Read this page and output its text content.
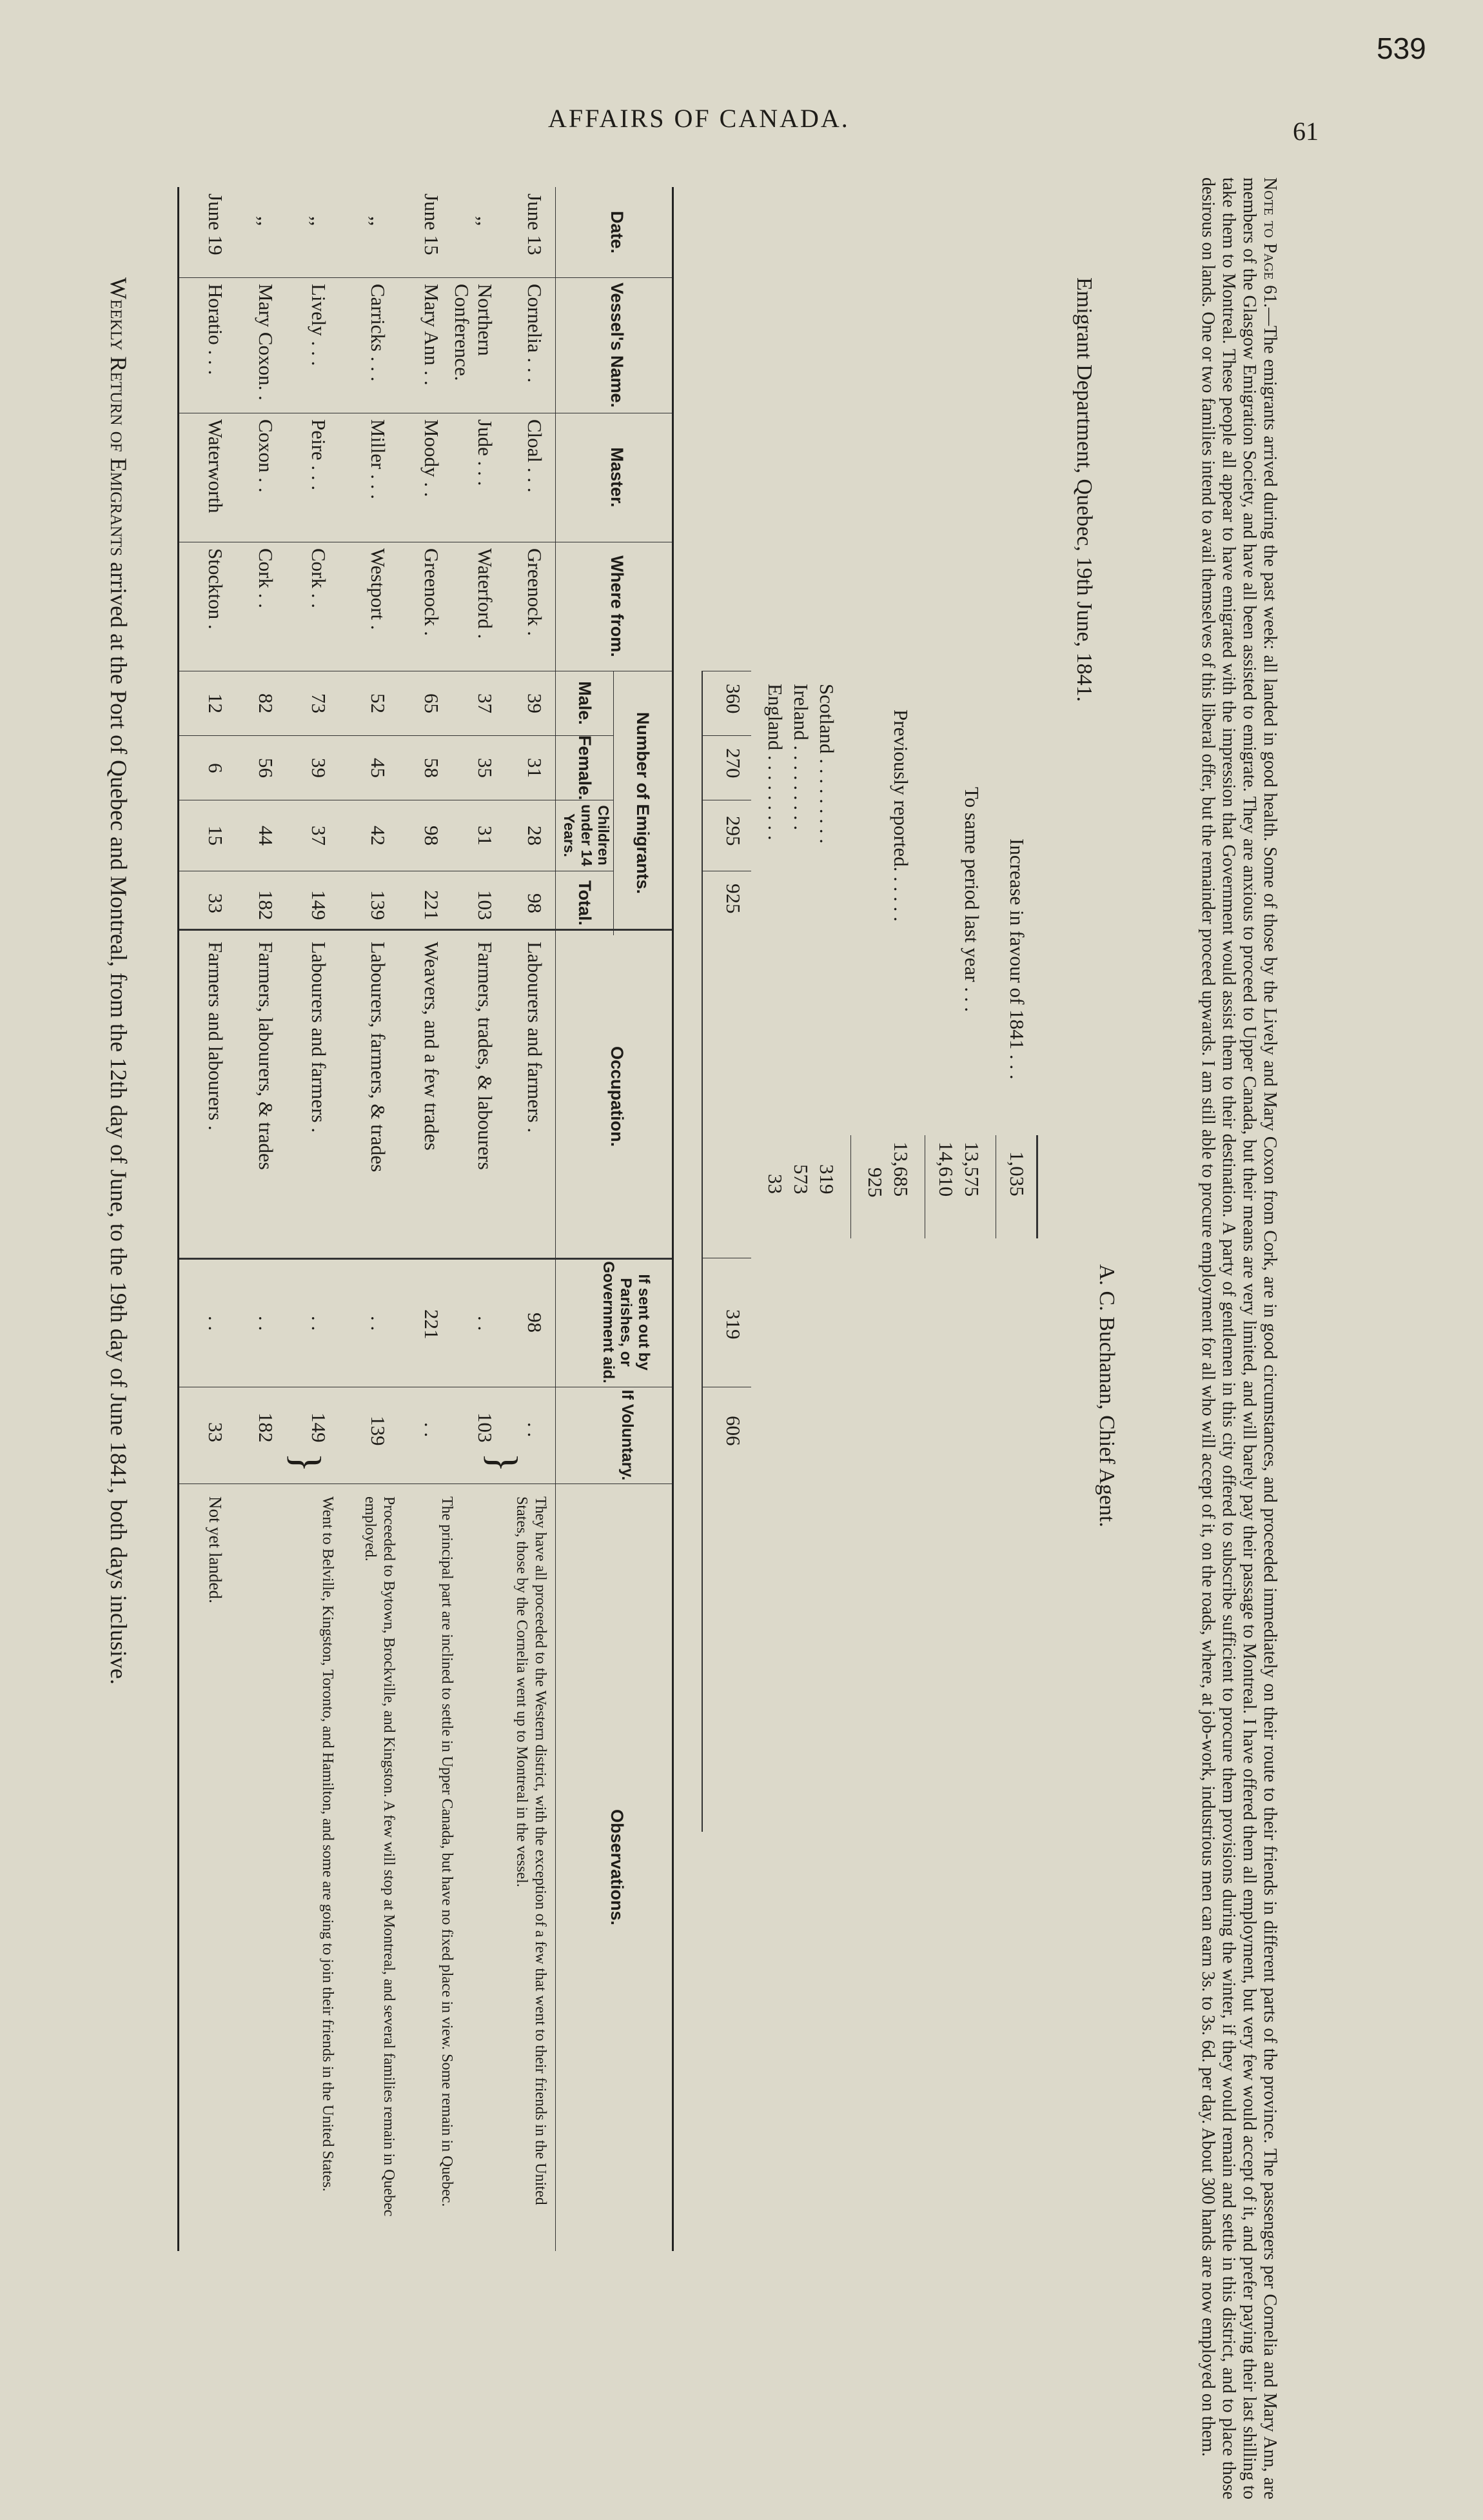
539
AFFAIRS OF CANADA.	61
Weekly Return of Emigrants arrived at the Port of Quebec and Montreal, from the 12th day of June, to the 19th day of June 1841, both days inclusive.
Date.
Vessel's Name.
Master.
Where from.
Number of Emigrants.
Male.
Female.
Children under 14 Years.
Total.
Occupation.
If sent out by Parishes, or Government aid.
If Voluntary.
Observations.
June 13
Cornelia . . .
Cloal . . .
Greenock .
39
31
28
98
Labourers and farmers .
98
. .
They have all proceeded to the Western district, with the exception of a few that went to their friends in the United States, those by the Cornelia went up to Montreal in the vessel.
,,
Northern Conference.
Jude . . .
Waterford .
37
35
31
103
Farmers, trades, & labourers
. .
103
}
June 15
Mary Ann . .
Moody . .
Greenock .
65
58
98
221
Weavers, and a few trades
221
. .
The principal part are inclined to settle in Upper Canada, but have no fixed place in view. Some remain in Quebec.
,,
Carricks . . .
Miller . . .
Westport .
52
45
42
139
Labourers, farmers, & trades
. .
139
Proceeded to Bytown, Brockville, and Kingston. A few will stop at Montreal, and several families remain in Quebec employed.
,,
Lively . . .
Peire . . .
Cork . .
73
39
37
149
Labourers and farmers .
. .
149
Went to Belville, Kingston, Toronto, and Hamilton, and some are going to join their friends in the United States.
,,
Mary Coxon. .
Coxon . .
Cork . .
82
56
44
182
Farmers, labourers, & trades
. .
182
}
June 19
Horatio . . .
Waterworth
Stockton .
12
6
15
33
Farmers and labourers .
. .
33
Not yet landed.
360
270
295
925
319
606
England . . . . . . . . .
33
Ireland . . . . . . . . .
573
Scotland . . . . . . . . .
319 925
Previously reported. . . . . .
13,685 14,610
To same period last year . . .
13,575
Increase in favour of 1841 . . .
1,035
Emigrant Department, Quebec, 19th June, 1841.
A. C. Buchanan, Chief Agent.
Note to Page 61.—The emigrants arrived during the past week: all landed in good health. Some of those by the Lively and Mary Coxon from Cork, are in good circumstances, and proceeded immediately on their route to their friends in different parts of the province. The passengers per Cornelia and Mary Ann, are members of the Glasgow Emigration Society, and have all been assisted to emigrate. They are anxious to proceed to Upper Canada, but their means are very limited, and will barely pay their passage to Montreal. I have offered them all employment, but very few would accept of it, and prefer paying their last shilling to take them to Montreal. These people all appear to have emigrated with the impression that Government would assist them to their destination. A party of gentlemen in this city offered to subscribe sufficient to procure them provisions during the winter, if they would remain and settle in this district, and to place those desirous on lands. One or two families intend to avail themselves of this liberal offer, but the remainder proceed upwards. I am still able to procure employment for all who will accept of it, on the roads, where, at job-work, industrious men can earn 3s. to 3s. 6d. per day. About 300 hands are now employed on them.
